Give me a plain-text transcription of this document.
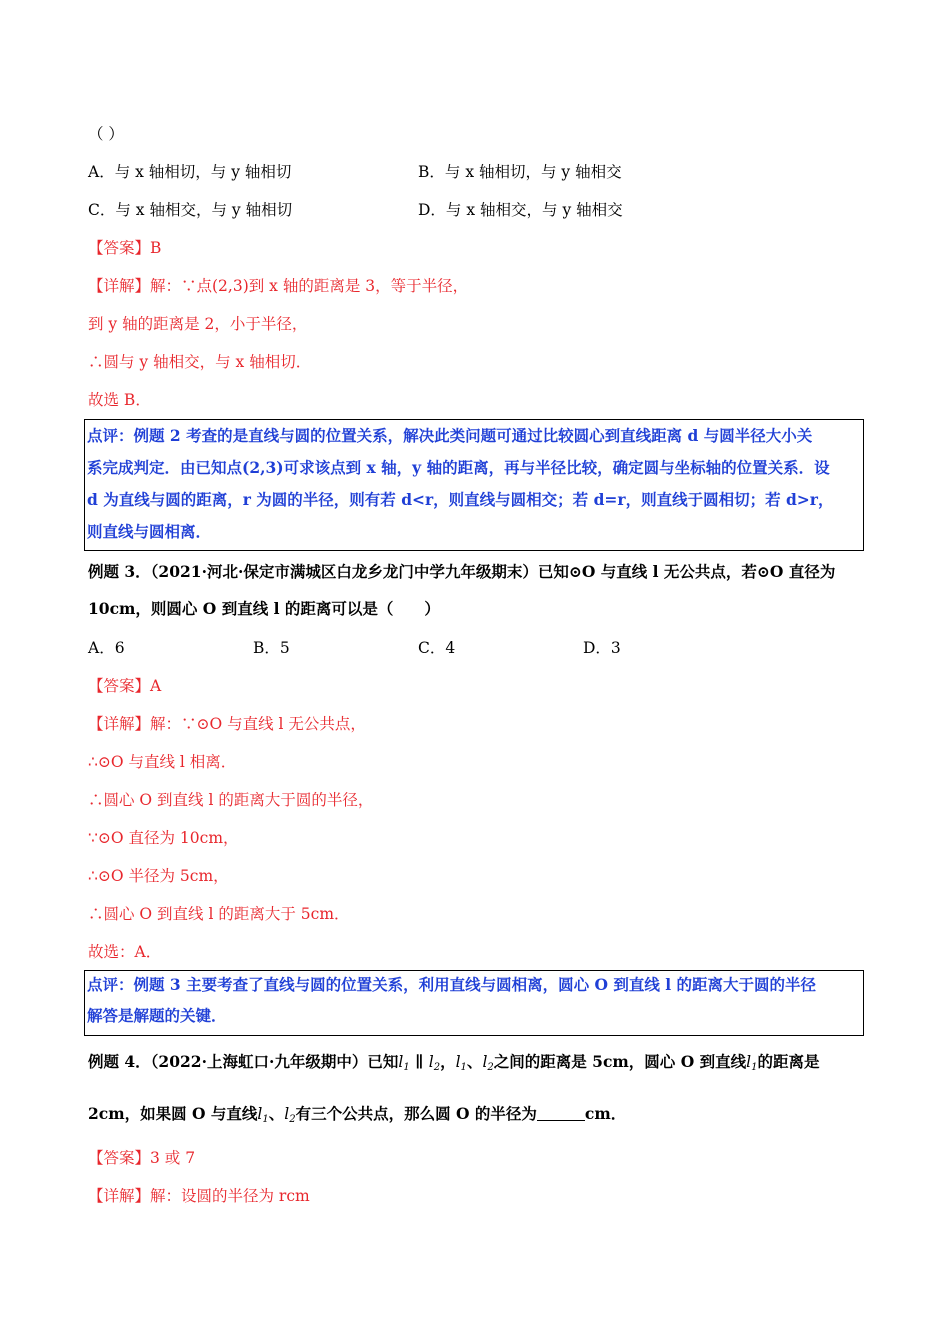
（ ）
A．与 x 轴相切，与 y 轴相切	B．与 x 轴相切，与 y 轴相交
C．与 x 轴相交，与 y 轴相切	D．与 x 轴相交，与 y 轴相交
【答案】B
【详解】解：∵点(2,3)到 x 轴的距离是 3，等于半径，
到 y 轴的距离是 2，小于半径，
∴圆与 y 轴相交，与 x 轴相切．
故选 B．
点评：例题 2 考查的是直线与圆的位置关系，解决此类问题可通过比较圆心到直线距离 d 与圆半径大小关
系完成判定．由已知点(2,3)可求该点到 x 轴，y 轴的距离，再与半径比较，确定圆与坐标轴的位置关系．设
d 为直线与圆的距离，r 为圆的半径，则有若 d<r，则直线与圆相交；若 d=r，则直线于圆相切；若 d>r，
则直线与圆相离．
例题 3．（2021·河北·保定市满城区白龙乡龙门中学九年级期末）已知⊙O 与直线 l 无公共点，若⊙O 直径为
10cm，则圆心 O 到直线 l 的距离可以是（　　）
A．6	B．5	C．4	D．3
【答案】A
【详解】解：∵⊙O 与直线 l 无公共点，
∴⊙O 与直线 l 相离．
∴圆心 O 到直线 l 的距离大于圆的半径，
∵⊙O 直径为 10cm，
∴⊙O 半径为 5cm，
∴圆心 O 到直线 l 的距离大于 5cm．
故选：A．
点评：例题 3 主要考查了直线与圆的位置关系，利用直线与圆相离，圆心 O 到直线 l 的距离大于圆的半径
解答是解题的关键．
例题 4．（2022·上海虹口·九年级期中）已知$l_1$ ∥ $l_2$，$l_1$、$l_2$之间的距离是 5cm，圆心 O 到直线$l_1$的距离是
2cm，如果圆 O 与直线$l_1$、$l_2$有三个公共点，那么圆 O 的半径为	cm．
【答案】3 或 7
【详解】解：设圆的半径为 rcm
